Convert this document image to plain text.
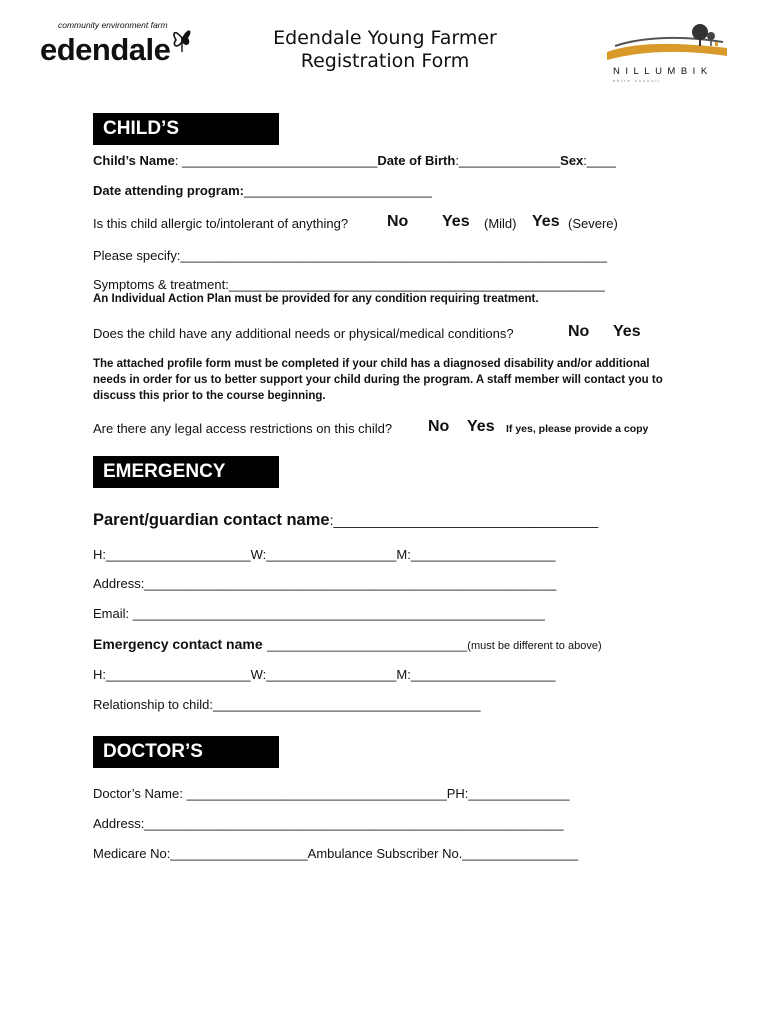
community environment farm
edendale	Edendale Young Farmer
Registration Form	NILLUMBIK
shire council
CHILD’S
Child’s Name: ___________________________Date of Birth:______________Sex:____
Date attending program:__________________________
Is this child allergic to/intolerant of anything? No Yes (Mild) Yes (Severe)
Please specify:___________________________________________________________
Symptoms & treatment:____________________________________________________
An Individual Action Plan must be provided for any condition requiring treatment.
Does the child have any additional needs or physical/medical conditions?	No Yes
The attached profile form must be completed if your child has a diagnosed disability and/or additional needs in order for us to better support your child during the program. A staff member will contact you to discuss this prior to the course beginning.
Are there any legal access restrictions on this child? No Yes If yes, please provide a copy
EMERGENCY
Parent/guardian contact name:__________________________________
H:____________________W:__________________M:____________________
Address:_________________________________________________________
Email: _________________________________________________________
Emergency contact name ______________________________(must be different to above)
H:____________________W:__________________M:____________________
Relationship to child:_____________________________________
DOCTOR’S
Doctor’s Name: ____________________________________PH:______________
Address:__________________________________________________________
Medicare No:___________________Ambulance Subscriber No.________________
